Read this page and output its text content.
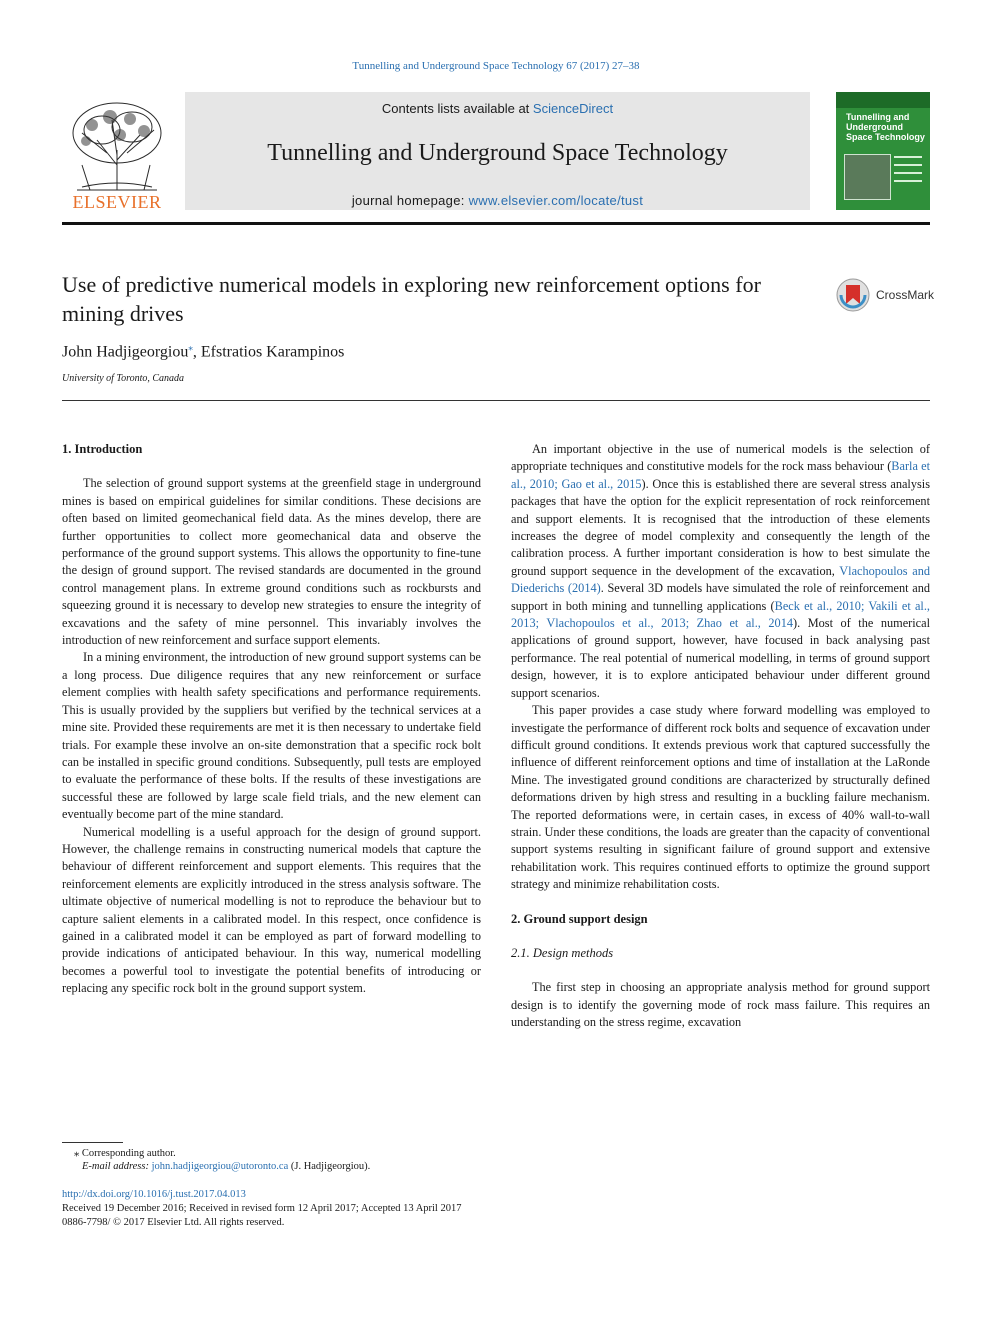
Tunnelling and Underground Space Technology 67 (2017) 27–38
ELSEVIER
Contents lists available at ScienceDirect
Tunnelling and Underground Space Technology
journal homepage: www.elsevier.com/locate/tust
Tunnelling and Underground Space Technology
Use of predictive numerical models in exploring new reinforcement options for mining drives
CrossMark
John Hadjigeorgiou⁎, Efstratios Karampinos
University of Toronto, Canada
1. Introduction

The selection of ground support systems at the greenfield stage in underground mines is based on empirical guidelines for similar conditions. These decisions are often based on limited geomechanical field data. As the mines develop, there are further opportunities to collect more geomechanical data and observe the performance of the ground support systems. This allows the opportunity to fine-tune the design of ground support. The revised standards are documented in the ground control management plans. In extreme ground conditions such as rockbursts and squeezing ground it is necessary to develop new strategies to ensure the integrity of excavations and the safety of mine personnel. This invariably involves the introduction of new reinforcement and surface support elements.

In a mining environment, the introduction of new ground support systems can be a long process. Due diligence requires that any new reinforcement or surface element complies with health safety specifications and performance requirements. This is usually provided by the suppliers but verified by the technical services at a mine site. Provided these requirements are met it is then necessary to undertake field trials. For example these involve an on-site demonstration that a specific rock bolt can be installed in specific ground conditions. Subsequently, pull tests are employed to evaluate the performance of these bolts. If the results of these investigations are successful these are followed by large scale field trials, and the new element can eventually become part of the mine standard.

Numerical modelling is a useful approach for the design of ground support. However, the challenge remains in constructing numerical models that capture the behaviour of different reinforcement and support elements. This requires that the reinforcement elements are explicitly introduced in the stress analysis software. The ultimate objective of numerical modelling is not to reproduce the behaviour but to capture salient elements in a calibrated model. In this respect, once confidence is gained in a calibrated model it can be employed as part of forward modelling to provide indications of anticipated behaviour. In this way, numerical modelling becomes a powerful tool to investigate the potential benefits of introducing or replacing any specific rock bolt in the ground support system.

An important objective in the use of numerical models is the selection of appropriate techniques and constitutive models for the rock mass behaviour (Barla et al., 2010; Gao et al., 2015). Once this is established there are several stress analysis packages that have the option for the explicit representation of rock reinforcement and support elements. It is recognised that the introduction of these elements increases the degree of model complexity and consequently the length of the calibration process. A further important consideration is how to best simulate the ground support sequence in the development of the excavation, Vlachopoulos and Diederichs (2014). Several 3D models have simulated the role of reinforcement and support in both mining and tunnelling applications (Beck et al., 2010; Vakili et al., 2013; Vlachopoulos et al., 2013; Zhao et al., 2014). Most of the numerical applications of ground support, however, have focused in back analysing past performance. The real potential of numerical modelling, in terms of ground support design, however, it is to explore anticipated behaviour under different ground support scenarios.

This paper provides a case study where forward modelling was employed to investigate the performance of different rock bolts and sequence of excavation under difficult ground conditions. It extends previous work that captured successfully the influence of different reinforcement options and time of installation at the LaRonde Mine. The investigated ground conditions are characterized by structurally defined deformations driven by high stress and resulting in a buckling failure mechanism. The reported deformations were, in certain cases, in excess of 40% wall-to-wall strain. Under these conditions, the loads are greater than the capacity of conventional support systems resulting in significant failure of ground support and extensive rehabilitation work. This requires continued efforts to optimize the ground support strategy and minimize rehabilitation costs.

2. Ground support design
2.1. Design methods

The first step in choosing an appropriate analysis method for ground support design is to identify the governing mode of rock mass failure. This requires an understanding on the stress regime, excavation

⁎ Corresponding author.
E-mail address: john.hadjigeorgiou@utoronto.ca (J. Hadjigeorgiou).
http://dx.doi.org/10.1016/j.tust.2017.04.013
Received 19 December 2016; Received in revised form 12 April 2017; Accepted 13 April 2017
0886-7798/ © 2017 Elsevier Ltd. All rights reserved.
